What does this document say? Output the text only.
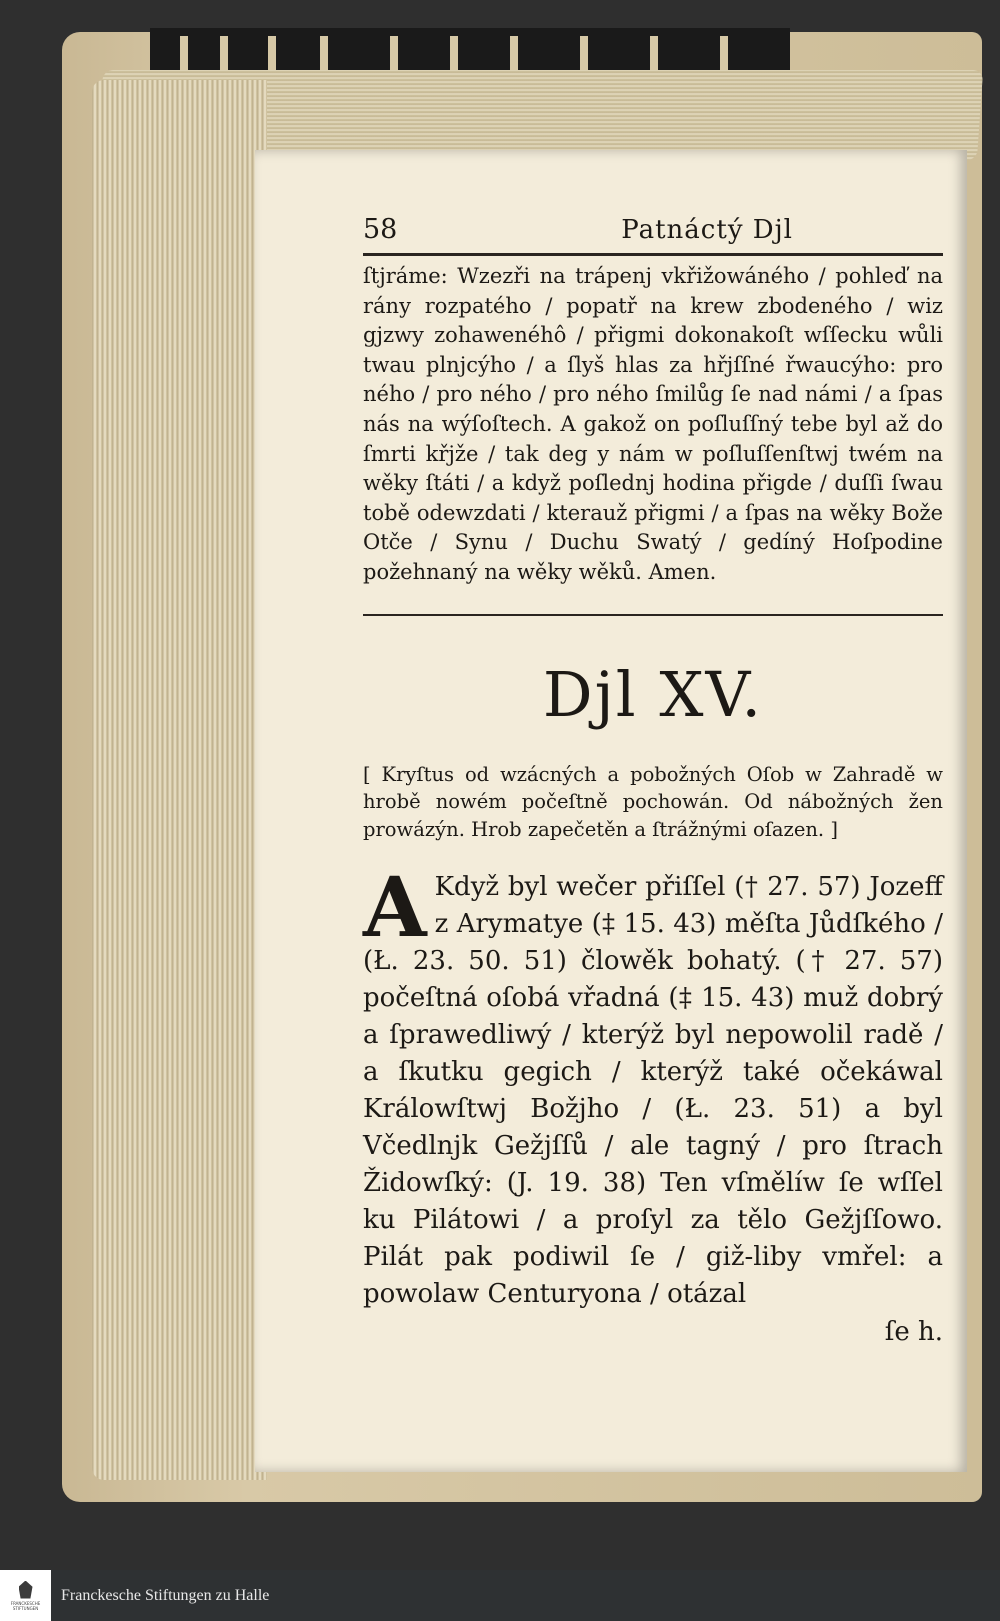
58	Patnáctý Djl
ſtjráme: Wzezři na trápenj vkřižowáného / pohleď na rány rozpatého / popatř na krew zbodeného / wiz gjzwy zohawenéhô / přigmi dokonakoſt wſſecku wůli twau plnjcýho / a ſlyš hlas za hřjſſné řwaucýho: pro ného / pro ného / pro ného ſmilůg ſe nad námi / a ſpas nás na wýſoſtech. A gakož on poſluſſný tebe byl až do ſmrti křjže / tak deg y nám w poſluſſenſtwj twém na wěky ſtáti / a když poſlednj hodina přigde / duſſi ſwau tobě odewzdati / kterauž přigmi / a ſpas na wěky Bože Otče / Synu / Duchu Swatý / gedíný Hoſpodine požehnaný na wěky wěků. Amen.
Djl XV.
[ Kryſtus od wzácných a pobožných Oſob w Zahradě w hrobě nowém počeſtně pochowán. Od nábožných žen prowázýn. Hrob zapečetěn a ſtrážnými oſazen. ]
A Když byl wečer přiſſel († 27. 57) Jozeff z Arymatye (‡ 15. 43) měſta Jůdſkého / (Ł. 23. 50. 51) člowěk bohatý. († 27. 57) počeſtná oſobá vřadná (‡ 15. 43) muž dobrý a ſprawedliwý / kterýž byl nepowolil radě / a ſkutku gegich / kterýž také očekáwal Králowſtwj Božjho / (Ł. 23. 51) a byl Včedlnjk Gežjſſů / ale tagný / pro ſtrach Židowſký: (J. 19. 38) Ten vſmělíw ſe wſſel ku Pilátowi / a proſyl za tělo Gežjſſowo. Pilát pak podiwil ſe / giž-liby vmřel: a powolaw Centuryona / otázal
ſe h.
FRANCKESCHE
STIFTUNGEN
Franckesche Stiftungen zu Halle
